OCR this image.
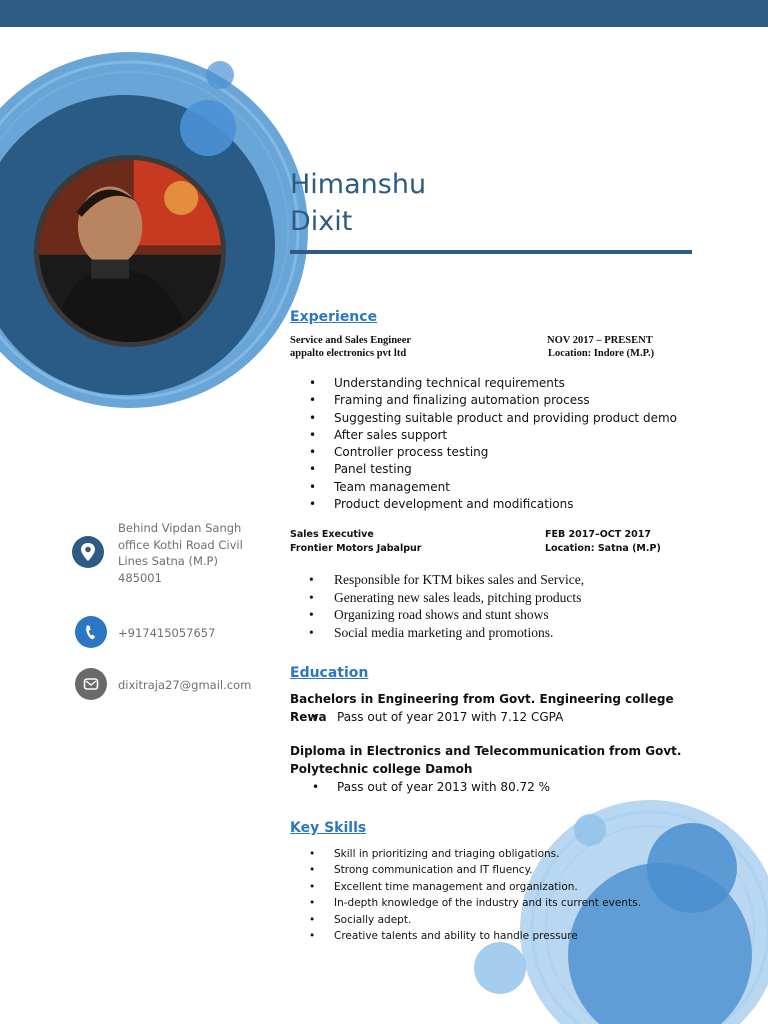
Himanshu
Dixit
Experience
Service and Sales Engineer
appalto electronics pvt ltd
NOV 2017 – PRESENT
Location: Indore (M.P.)
• Understanding technical requirements
• Framing and finalizing automation process
• Suggesting suitable product and providing product demo
• After sales support
• Controller process testing
• Panel testing
• Team management
• Product development and modifications
Sales Executive
Frontier Motors Jabalpur
FEB 2017–OCT 2017
Location: Satna (M.P)
• Responsible for KTM bikes sales and Service,
• Generating new sales leads, pitching products
• Organizing road shows and stunt shows
• Social media marketing and promotions.
Education
Bachelors in Engineering from Govt. Engineering college Rewa
• Pass out of year 2017 with 7.12 CGPA
Diploma in Electronics and Telecommunication from Govt.
Polytechnic college Damoh
• Pass out of year 2013 with 80.72 %
Key Skills
• Skill in prioritizing and triaging obligations.
• Strong communication and IT fluency.
• Excellent time management and organization.
• In-depth knowledge of the industry and its current events.
• Socially adept.
• Creative talents and ability to handle pressure
Behind Vipdan Sangh
office Kothi Road Civil
Lines Satna (M.P)
485001
+917415057657
dixitraja27@gmail.com
